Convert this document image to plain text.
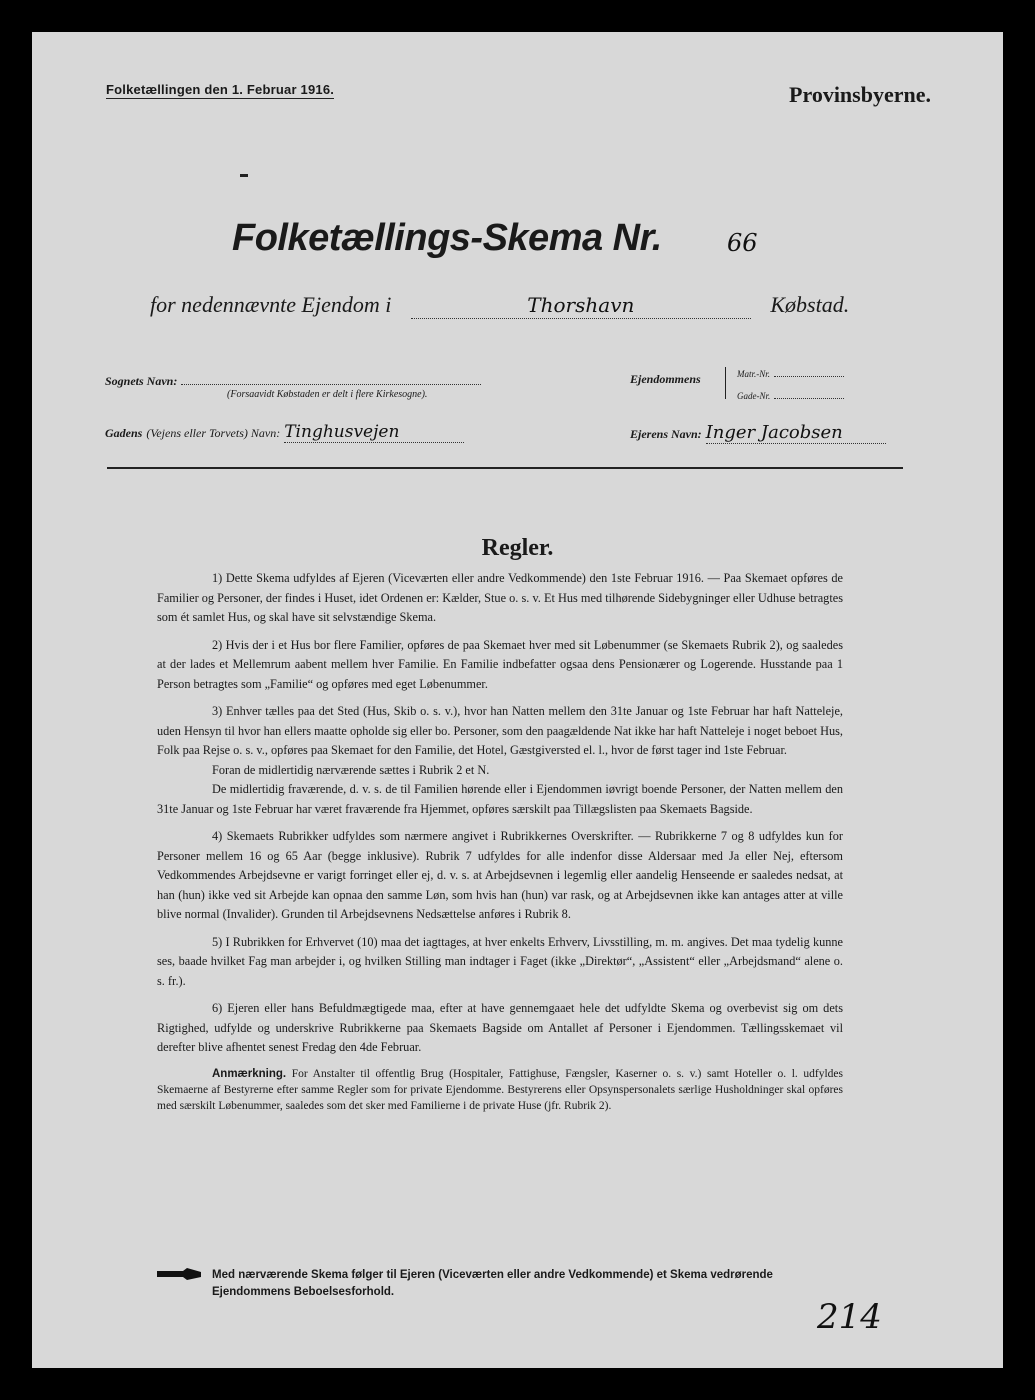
Folketællingen den 1. Februar 1916.	Provinsbyerne.
Folketællings-Skema Nr.	66
for nedennævnte Ejendom i	Thorshavn	Købstad.
Sognets Navn:
(Forsaavidt Købstaden er delt i flere Kirkesogne).
Ejendommens	Matr.-Nr.
Gade-Nr.
Gadens (Vejens eller Torvets) Navn: Tinghusvejen	Ejerens Navn: Inger Jacobsen
Regler.

1) Dette Skema udfyldes af Ejeren (Viceværten eller andre Vedkommende) den 1ste Februar 1916. — Paa Skemaet opføres de Familier og Personer, der findes i Huset, idet Ordenen er: Kælder, Stue o. s. v. Et Hus med tilhørende Sidebygninger eller Udhuse betragtes som ét samlet Hus, og skal have sit selvstændige Skema.

2) Hvis der i et Hus bor flere Familier, opføres de paa Skemaet hver med sit Løbenummer (se Skemaets Rubrik 2), og saaledes at der lades et Mellemrum aabent mellem hver Familie. En Familie indbefatter ogsaa dens Pensionærer og Logerende. Husstande paa 1 Person betragtes som „Familie“ og opføres med eget Løbenummer.

3) Enhver tælles paa det Sted (Hus, Skib o. s. v.), hvor han Natten mellem den 31te Januar og 1ste Februar har haft Natteleje, uden Hensyn til hvor han ellers maatte opholde sig eller bo. Personer, som den paagældende Nat ikke har haft Natteleje i noget beboet Hus, Folk paa Rejse o. s. v., opføres paa Skemaet for den Familie, det Hotel, Gæstgiversted el. l., hvor de først tager ind 1ste Februar.

Foran de midlertidig nærværende sættes i Rubrik 2 et N.

De midlertidig fraværende, d. v. s. de til Familien hørende eller i Ejendommen iøvrigt boende Personer, der Natten mellem den 31te Januar og 1ste Februar har været fraværende fra Hjemmet, opføres særskilt paa Tillægslisten paa Skemaets Bagside.

4) Skemaets Rubrikker udfyldes som nærmere angivet i Rubrikkernes Overskrifter. — Rubrikkerne 7 og 8 udfyldes kun for Personer mellem 16 og 65 Aar (begge inklusive). Rubrik 7 udfyldes for alle indenfor disse Aldersaar med Ja eller Nej, eftersom Vedkommendes Arbejdsevne er varigt forringet eller ej, d. v. s. at Arbejdsevnen i legemlig eller aandelig Henseende er saaledes nedsat, at han (hun) ikke ved sit Arbejde kan opnaa den samme Løn, som hvis han (hun) var rask, og at Arbejdsevnen ikke kan antages atter at ville blive normal (Invalider). Grunden til Arbejdsevnens Nedsættelse anføres i Rubrik 8.

5) I Rubrikken for Erhvervet (10) maa det iagttages, at hver enkelts Erhverv, Livsstilling, m. m. angives. Det maa tydelig kunne ses, baade hvilket Fag man arbejder i, og hvilken Stilling man indtager i Faget (ikke „Direktør“, „Assistent“ eller „Arbejdsmand“ alene o. s. fr.).

6) Ejeren eller hans Befuldmægtigede maa, efter at have gennemgaaet hele det udfyldte Skema og overbevist sig om dets Rigtighed, udfylde og underskrive Rubrikkerne paa Skemaets Bagside om Antallet af Personer i Ejendommen. Tællingsskemaet vil derefter blive afhentet senest Fredag den 4de Februar.

Anmærkning. For Anstalter til offentlig Brug (Hospitaler, Fattighuse, Fængsler, Kaserner o. s. v.) samt Hoteller o. l. udfyldes Skemaerne af Bestyrerne efter samme Regler som for private Ejendomme. Bestyrerens eller Opsynspersonalets særlige Husholdninger skal opføres med særskilt Løbenummer, saaledes som det sker med Familierne i de private Huse (jfr. Rubrik 2).

Med nærværende Skema følger til Ejeren (Viceværten eller andre Vedkommende) et Skema vedrørende Ejendommens Beboelsesforhold.
214
